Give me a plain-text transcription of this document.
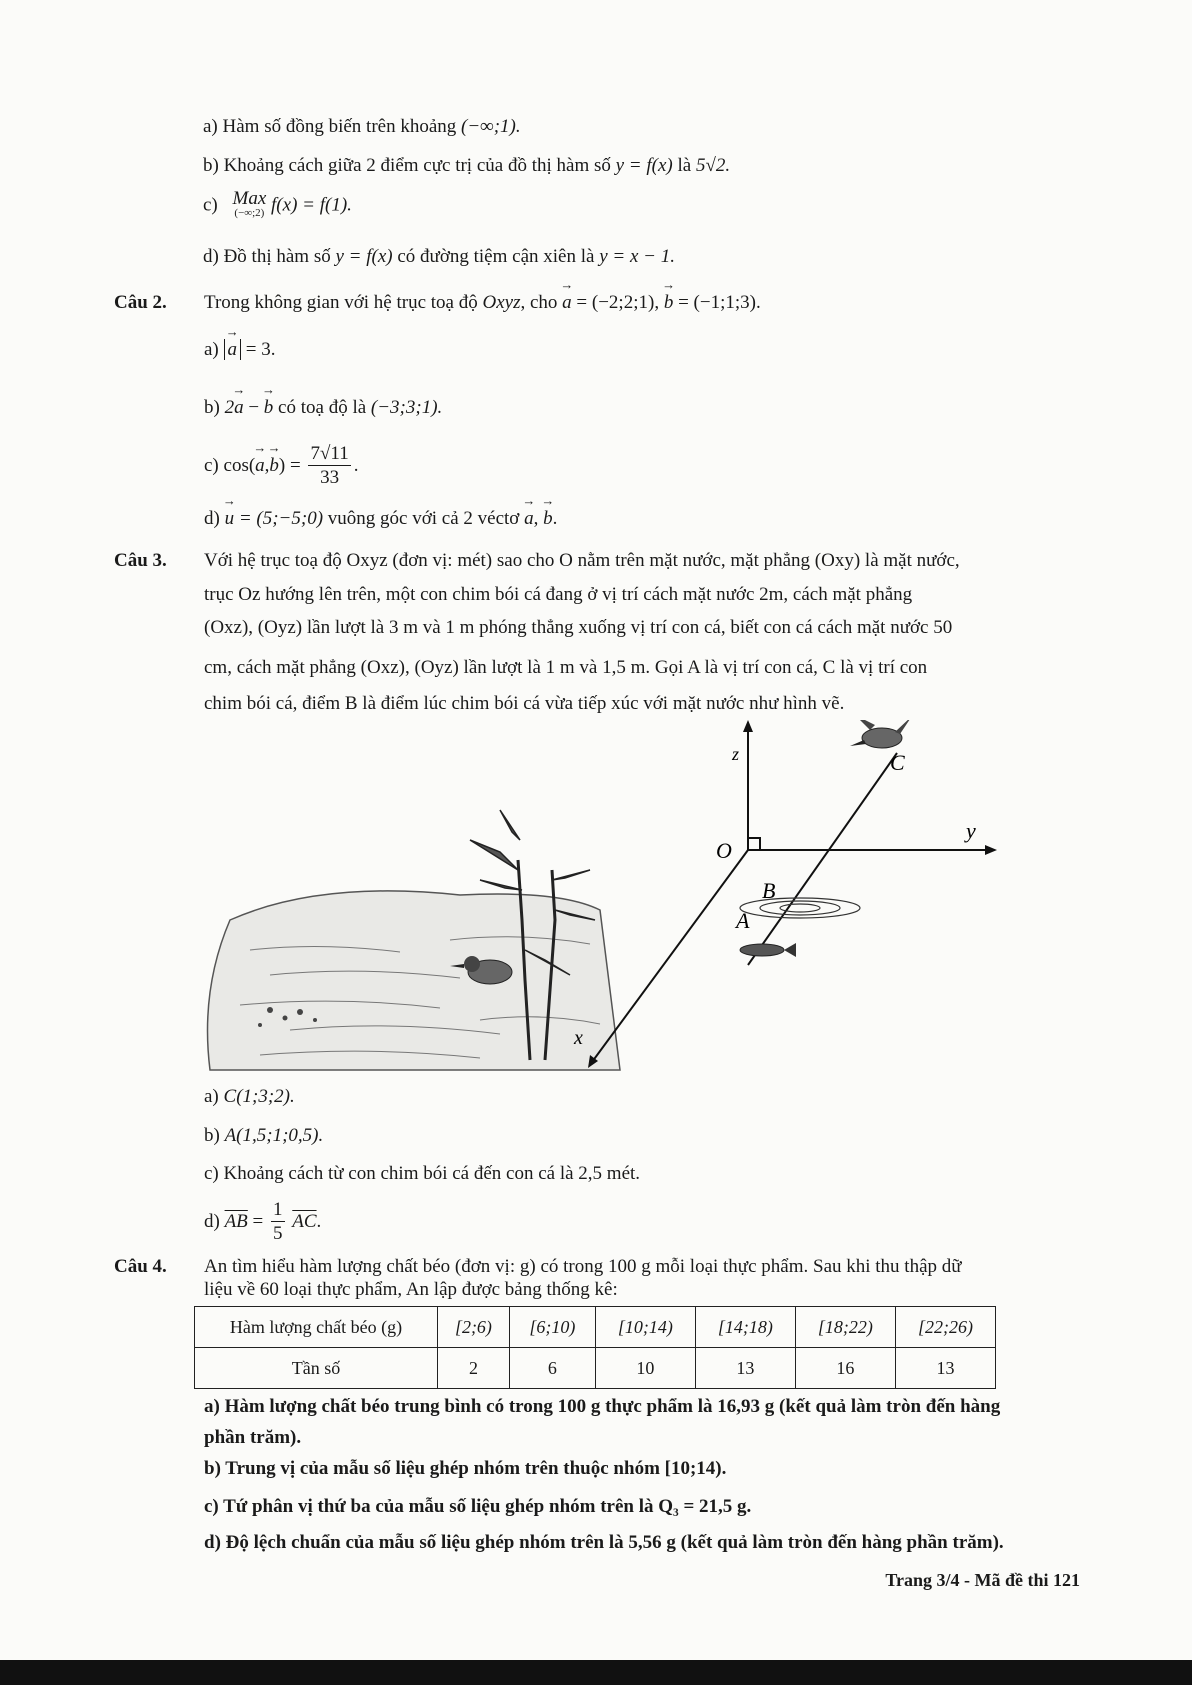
a) Hàm số đồng biến trên khoảng (−∞;1).
b) Khoảng cách giữa 2 điểm cực trị của đồ thị hàm số y = f(x) là 5√2.
c) Max
(−∞;2) f(x) = f(1).
d) Đồ thị hàm số y = f(x) có đường tiệm cận xiên là y = x − 1.
Câu 2. Trong không gian với hệ trục toạ độ Oxyz, cho → a = (−2;2;1), → b = (−1;1;3).
a) → a = 3.
b) 2→ a − → b có toạ độ là (−3;3;1).
c) $\cos(\to a,\to b) = \frac{7√11}{33}$ .
d) → u = (5;−5;0) vuông góc với cả 2 véctơ → a, → b.
Câu 3. Với hệ trục toạ độ Oxyz (đơn vị: mét) sao cho O nằm trên mặt nước, mặt phẳng (Oxy) là mặt nước,
trục Oz hướng lên trên, một con chim bói cá đang ở vị trí cách mặt nước 2m, cách mặt phẳng
(Oxz), (Oyz) lần lượt là 3 m và 1 m phóng thẳng xuống vị trí con cá, biết con cá cách mặt nước 50
cm, cách mặt phẳng (Oxz), (Oyz) lần lượt là 1 m và 1,5 m. Gọi A là vị trí con cá, C là vị trí con
chim bói cá, điểm B là điểm lúc chim bói cá vừa tiếp xúc với mặt nước như hình vẽ.
z
y
x
O
C
B
A
a) C(1;3;2).
b) A(1,5;1;0,5).
c) Khoảng cách từ con chim bói cá đến con cá là 2,5 mét.
d) $\overline{AB} = \frac{1}{5} \overline{AC}$.
Câu 4. An tìm hiểu hàm lượng chất béo (đơn vị: g) có trong 100 g mỗi loại thực phẩm. Sau khi thu thập dữ
liệu về 60 loại thực phẩm, An lập được bảng thống kê:
Hàm lượng chất béo (g)	[2;6)	[6;10)	[10;14)	[14;18)	[18;22)	[22;26)
Tần số	2	6	10	13	16	13
a) Hàm lượng chất béo trung bình có trong 100 g thực phẩm là 16,93 g (kết quả làm tròn đến hàng
phần trăm).
b) Trung vị của mẫu số liệu ghép nhóm trên thuộc nhóm [10;14).
c) Tứ phân vị thứ ba của mẫu số liệu ghép nhóm trên là Q₃ = 21,5 g.
d) Độ lệch chuẩn của mẫu số liệu ghép nhóm trên là 5,56 g (kết quả làm tròn đến hàng phần trăm).
Trang 3/4 - Mã đề thi 121
